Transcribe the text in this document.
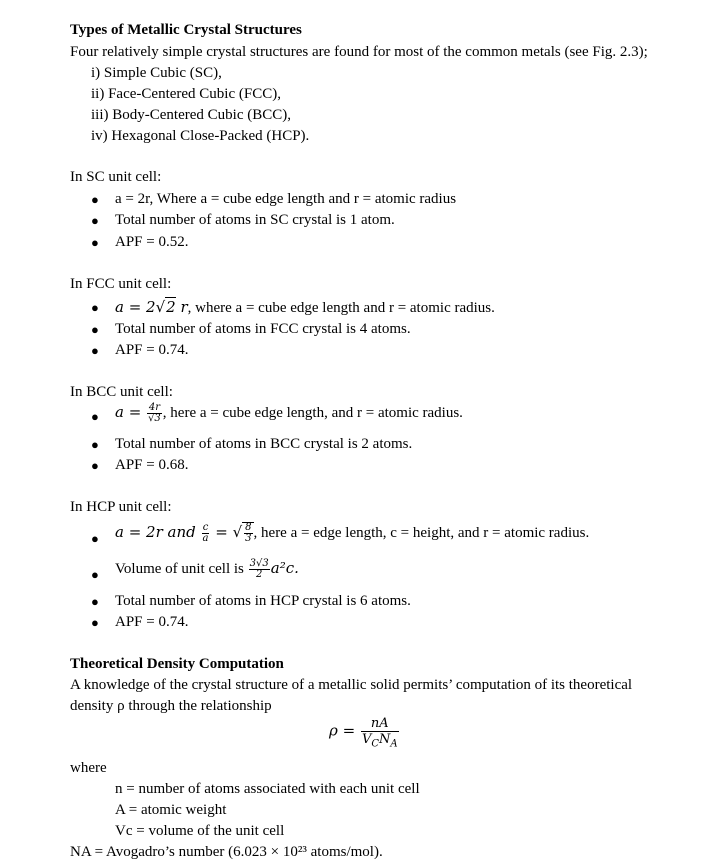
Types of Metallic Crystal Structures
Four relatively simple crystal structures are found for most of the common metals (see Fig. 2.3);
i) Simple Cubic (SC),
ii) Face-Centered Cubic (FCC),
iii) Body-Centered Cubic (BCC),
iv) Hexagonal Close-Packed (HCP).
In SC unit cell:
● a = 2r, Where a = cube edge length and r = atomic radius
● Total number of atoms in SC crystal is 1 atom.
● APF = 0.52.
In FCC unit cell:
● a = 2√2 r, where a = cube edge length and r = atomic radius.
● Total number of atoms in FCC crystal is 4 atoms.
● APF = 0.74.
In BCC unit cell:
● $a = \frac{4r}{√3}$ , here a = cube edge length, and r = atomic radius.
● Total number of atoms in BCC crystal is 2 atoms.
● APF = 0.68.
In HCP unit cell:
● a = 2r and $\frac{c}{a}$ = √ $\frac{8}{3}$ , here a = edge length, c = height, and r = atomic radius.
● Volume of unit cell is $\frac{3√3}{2} a^2c$.
● Total number of atoms in HCP crystal is 6 atoms.
● APF = 0.74.
Theoretical Density Computation
A knowledge of the crystal structure of a metallic solid permits’ computation of its theoretical
density ρ through the relationship
$\rho = \frac{nA}{V_CN_A}$
where
n = number of atoms associated with each unit cell
A = atomic weight
Vc = volume of the unit cell
NA = Avogadro’s number (6.023 × 10²³ atoms/mol).
